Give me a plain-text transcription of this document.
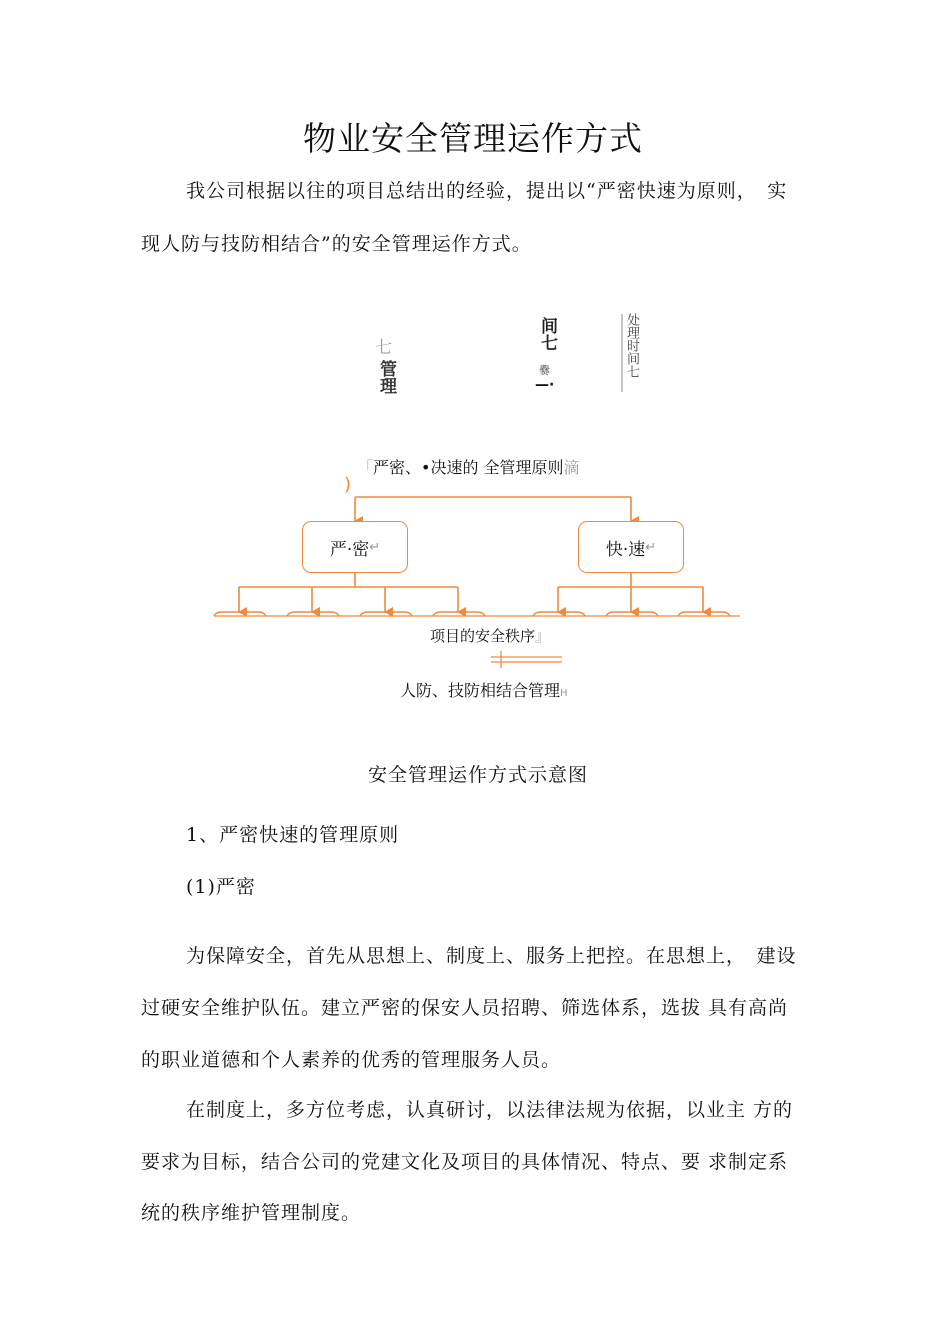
物业安全管理运作方式
我公司根据以往的项目总结出的经验，提出以“严密快速为原则，　实
现人防与技防相结合”的安全管理运作方式。
七
管理
间七
爨
—·
处理时间七
「严密、•决速的 全管理原则滴
)
严·密 ↵	快·速 ↵
项目的安全秩序』
人防、技防相结合管理H
安全管理运作方式示意图
1、严密快速的管理原则
(1)严密
为保障安全，首先从思想上、制度上、服务上把控。在思想上，　建设
过硬安全维护队伍。建立严密的保安人员招聘、筛选体系，选拔 具有高尚
的职业道德和个人素养的优秀的管理服务人员。
在制度上，多方位考虑，认真研讨，以法律法规为依据，以业主 方的
要求为目标，结合公司的党建文化及项目的具体情况、特点、要 求制定系
统的秩序维护管理制度。
